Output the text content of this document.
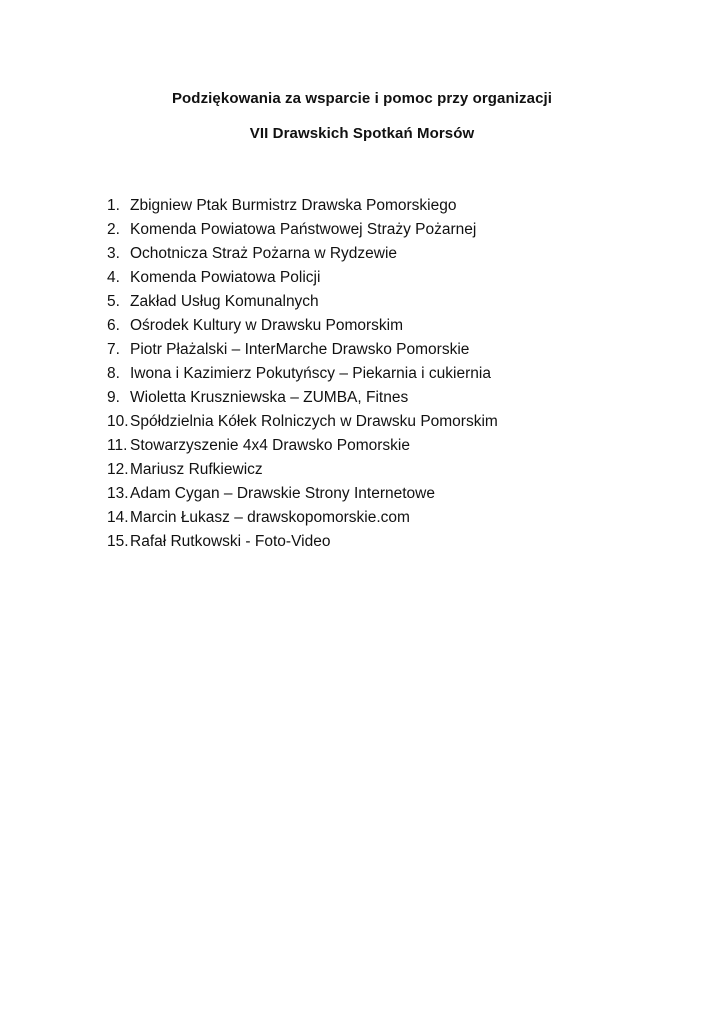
Podziękowania za wsparcie i pomoc przy organizacji
VII Drawskich Spotkań Morsów
1. Zbigniew Ptak Burmistrz Drawska Pomorskiego
2. Komenda Powiatowa Państwowej Straży Pożarnej
3. Ochotnicza Straż Pożarna w Rydzewie
4. Komenda Powiatowa Policji
5. Zakład Usług Komunalnych
6. Ośrodek Kultury w Drawsku Pomorskim
7. Piotr Płażalski – InterMarche Drawsko Pomorskie
8. Iwona i Kazimierz Pokutyńscy – Piekarnia i cukiernia
9. Wioletta Kruszniewska – ZUMBA, Fitnes
10. Spółdzielnia Kółek Rolniczych w Drawsku Pomorskim
11. Stowarzyszenie 4x4 Drawsko Pomorskie
12. Mariusz Rufkiewicz
13. Adam Cygan – Drawskie Strony Internetowe
14. Marcin Łukasz – drawskopomorskie.com
15. Rafał Rutkowski - Foto-Video
